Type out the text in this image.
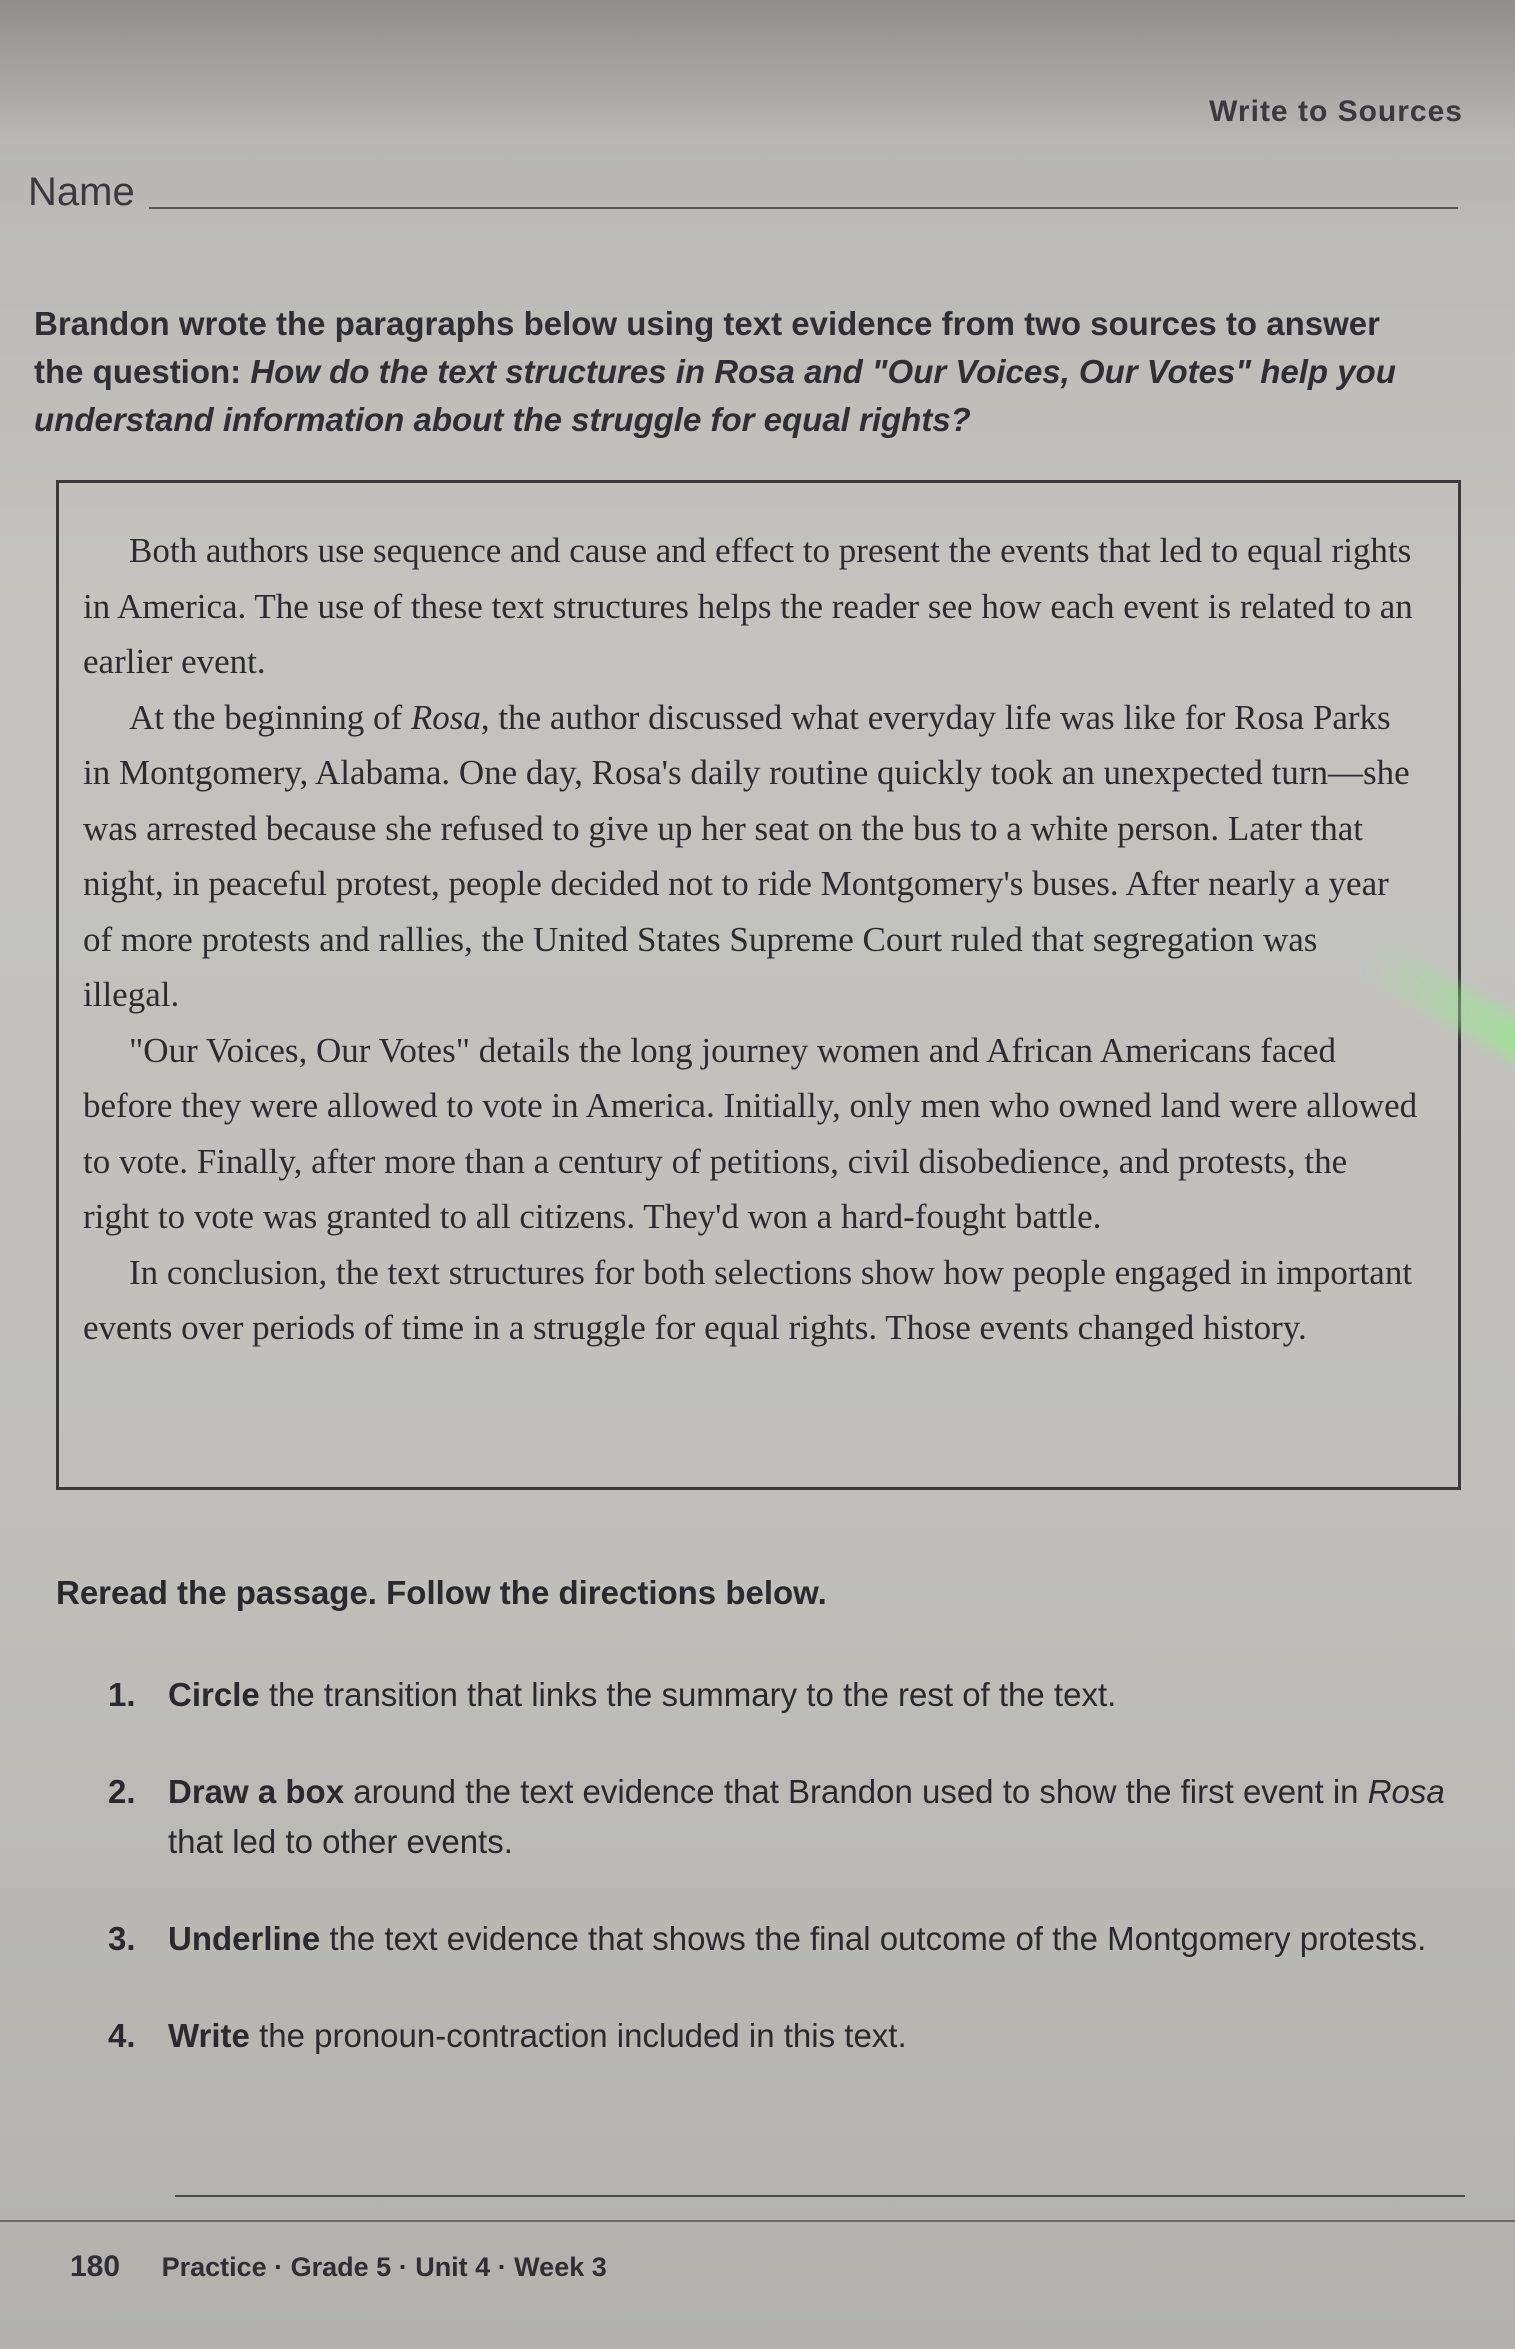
Write to Sources
Name
Brandon wrote the paragraphs below using text evidence from two sources to answer the question: How do the text structures in Rosa and "Our Voices, Our Votes" help you understand information about the struggle for equal rights?

Both authors use sequence and cause and effect to present the events that led to equal rights in America. The use of these text structures helps the reader see how each event is related to an earlier event.

At the beginning of Rosa, the author discussed what everyday life was like for Rosa Parks in Montgomery, Alabama. One day, Rosa's daily routine quickly took an unexpected turn—she was arrested because she refused to give up her seat on the bus to a white person. Later that night, in peaceful protest, people decided not to ride Montgomery's buses. After nearly a year of more protests and rallies, the United States Supreme Court ruled that segregation was illegal.

"Our Voices, Our Votes" details the long journey women and African Americans faced before they were allowed to vote in America. Initially, only men who owned land were allowed to vote. Finally, after more than a century of petitions, civil disobedience, and protests, the right to vote was granted to all citizens. They'd won a hard-fought battle.

In conclusion, the text structures for both selections show how people engaged in important events over periods of time in a struggle for equal rights. Those events changed history.

Reread the passage. Follow the directions below.
1. Circle the transition that links the summary to the rest of the text.
2. Draw a box around the text evidence that Brandon used to show the first event in Rosa that led to other events.
3. Underline the text evidence that shows the final outcome of the Montgomery protests.
4. Write the pronoun-contraction included in this text.
180 Practice · Grade 5 · Unit 4 · Week 3
